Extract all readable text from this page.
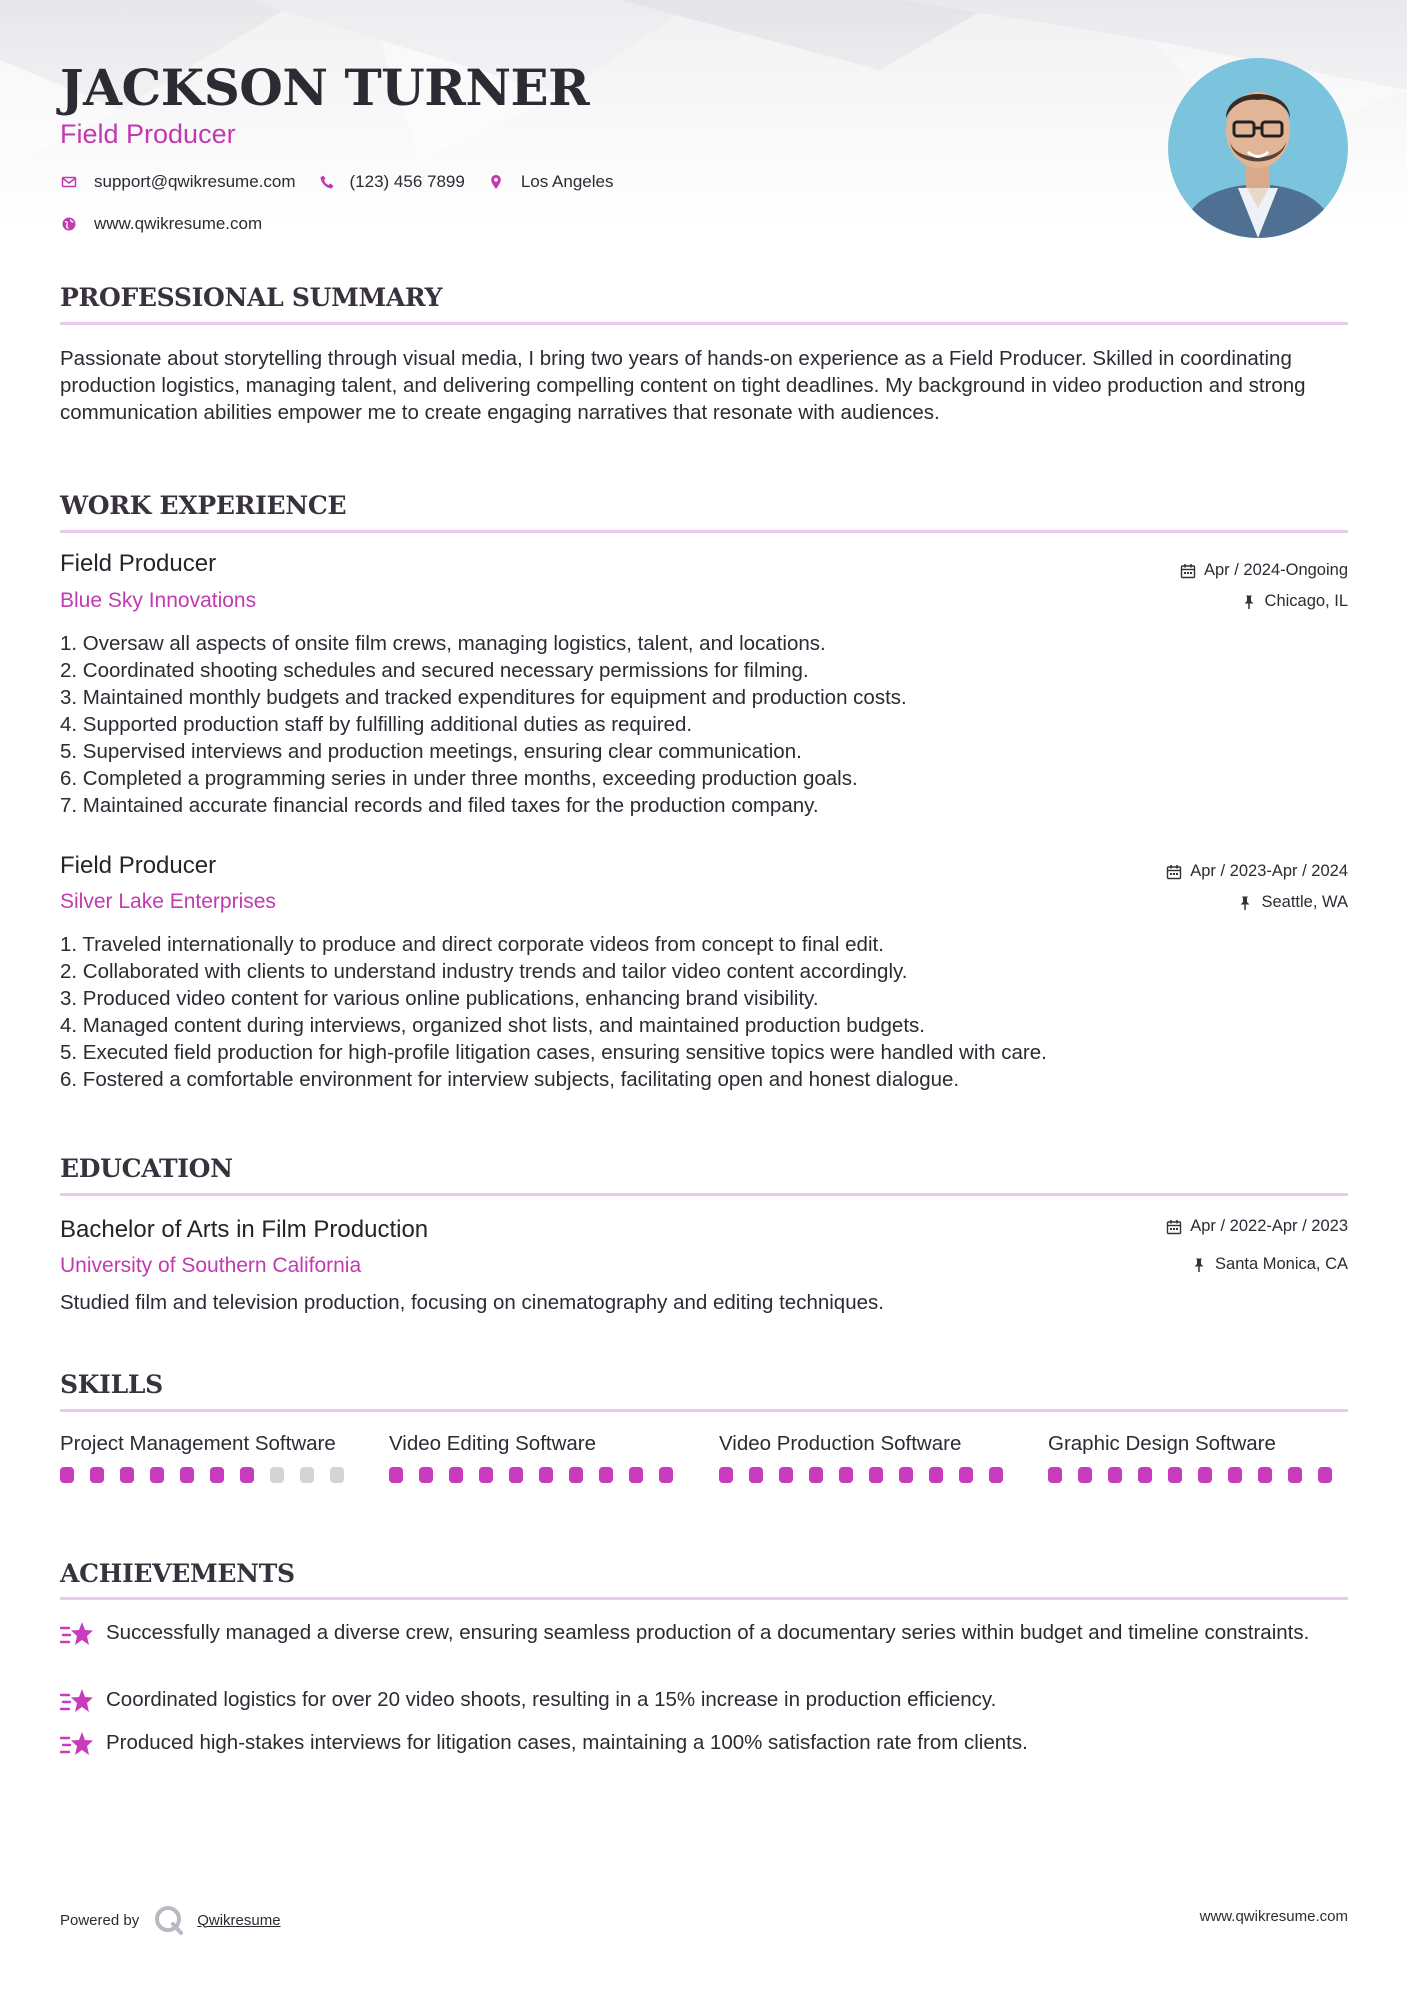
JACKSON TURNER
Field Producer
support@qwikresume.com	(123) 456 7899	Los Angeles
www.qwikresume.com
PROFESSIONAL SUMMARY
Passionate about storytelling through visual media, I bring two years of hands-on experience as a Field Producer. Skilled in coordinating production logistics, managing talent, and delivering compelling content on tight deadlines. My background in video production and strong communication abilities empower me to create engaging narratives that resonate with audiences.
WORK EXPERIENCE
Field Producer
Blue Sky Innovations
Apr / 2024-Ongoing
Chicago, IL
1. Oversaw all aspects of onsite film crews, managing logistics, talent, and locations.
2. Coordinated shooting schedules and secured necessary permissions for filming.
3. Maintained monthly budgets and tracked expenditures for equipment and production costs.
4. Supported production staff by fulfilling additional duties as required.
5. Supervised interviews and production meetings, ensuring clear communication.
6. Completed a programming series in under three months, exceeding production goals.
7. Maintained accurate financial records and filed taxes for the production company.
Field Producer
Silver Lake Enterprises
Apr / 2023-Apr / 2024
Seattle, WA
1. Traveled internationally to produce and direct corporate videos from concept to final edit.
2. Collaborated with clients to understand industry trends and tailor video content accordingly.
3. Produced video content for various online publications, enhancing brand visibility.
4. Managed content during interviews, organized shot lists, and maintained production budgets.
5. Executed field production for high-profile litigation cases, ensuring sensitive topics were handled with care.
6. Fostered a comfortable environment for interview subjects, facilitating open and honest dialogue.
EDUCATION
Bachelor of Arts in Film Production
University of Southern California
Apr / 2022-Apr / 2023
Santa Monica, CA
Studied film and television production, focusing on cinematography and editing techniques.
SKILLS
Project Management Software	Video Editing Software	Video Production Software	Graphic Design Software
ACHIEVEMENTS
Successfully managed a diverse crew, ensuring seamless production of a documentary series within budget and timeline constraints.
Coordinated logistics for over 20 video shoots, resulting in a 15% increase in production efficiency.
Produced high-stakes interviews for litigation cases, maintaining a 100% satisfaction rate from clients.
Powered by	Qwikresume	www.qwikresume.com
